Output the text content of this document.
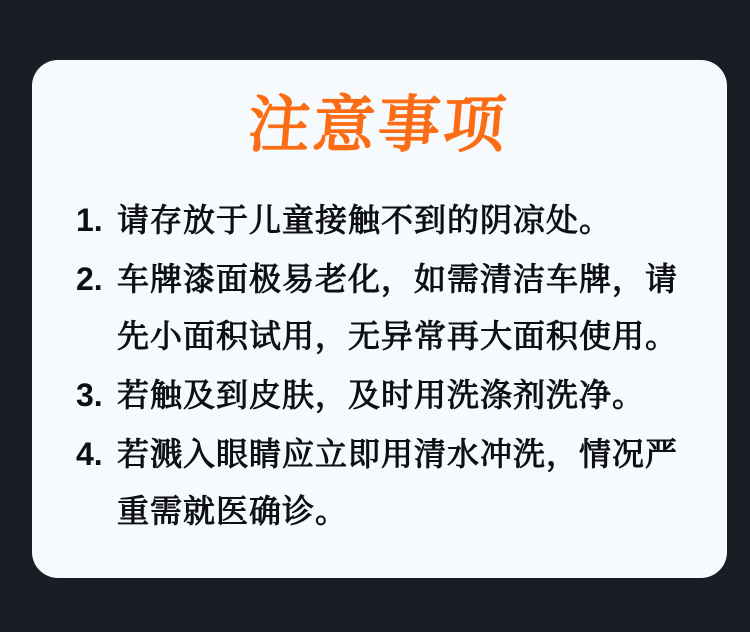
注意事项
1. 请存放于儿童接触不到的阴凉处。
2. 车牌漆面极易老化，如需清洁车牌，请
先小面积试用，无异常再大面积使用。
3. 若触及到皮肤，及时用洗涤剂洗净。
4. 若溅入眼睛应立即用清水冲洗，情况严
重需就医确诊。
